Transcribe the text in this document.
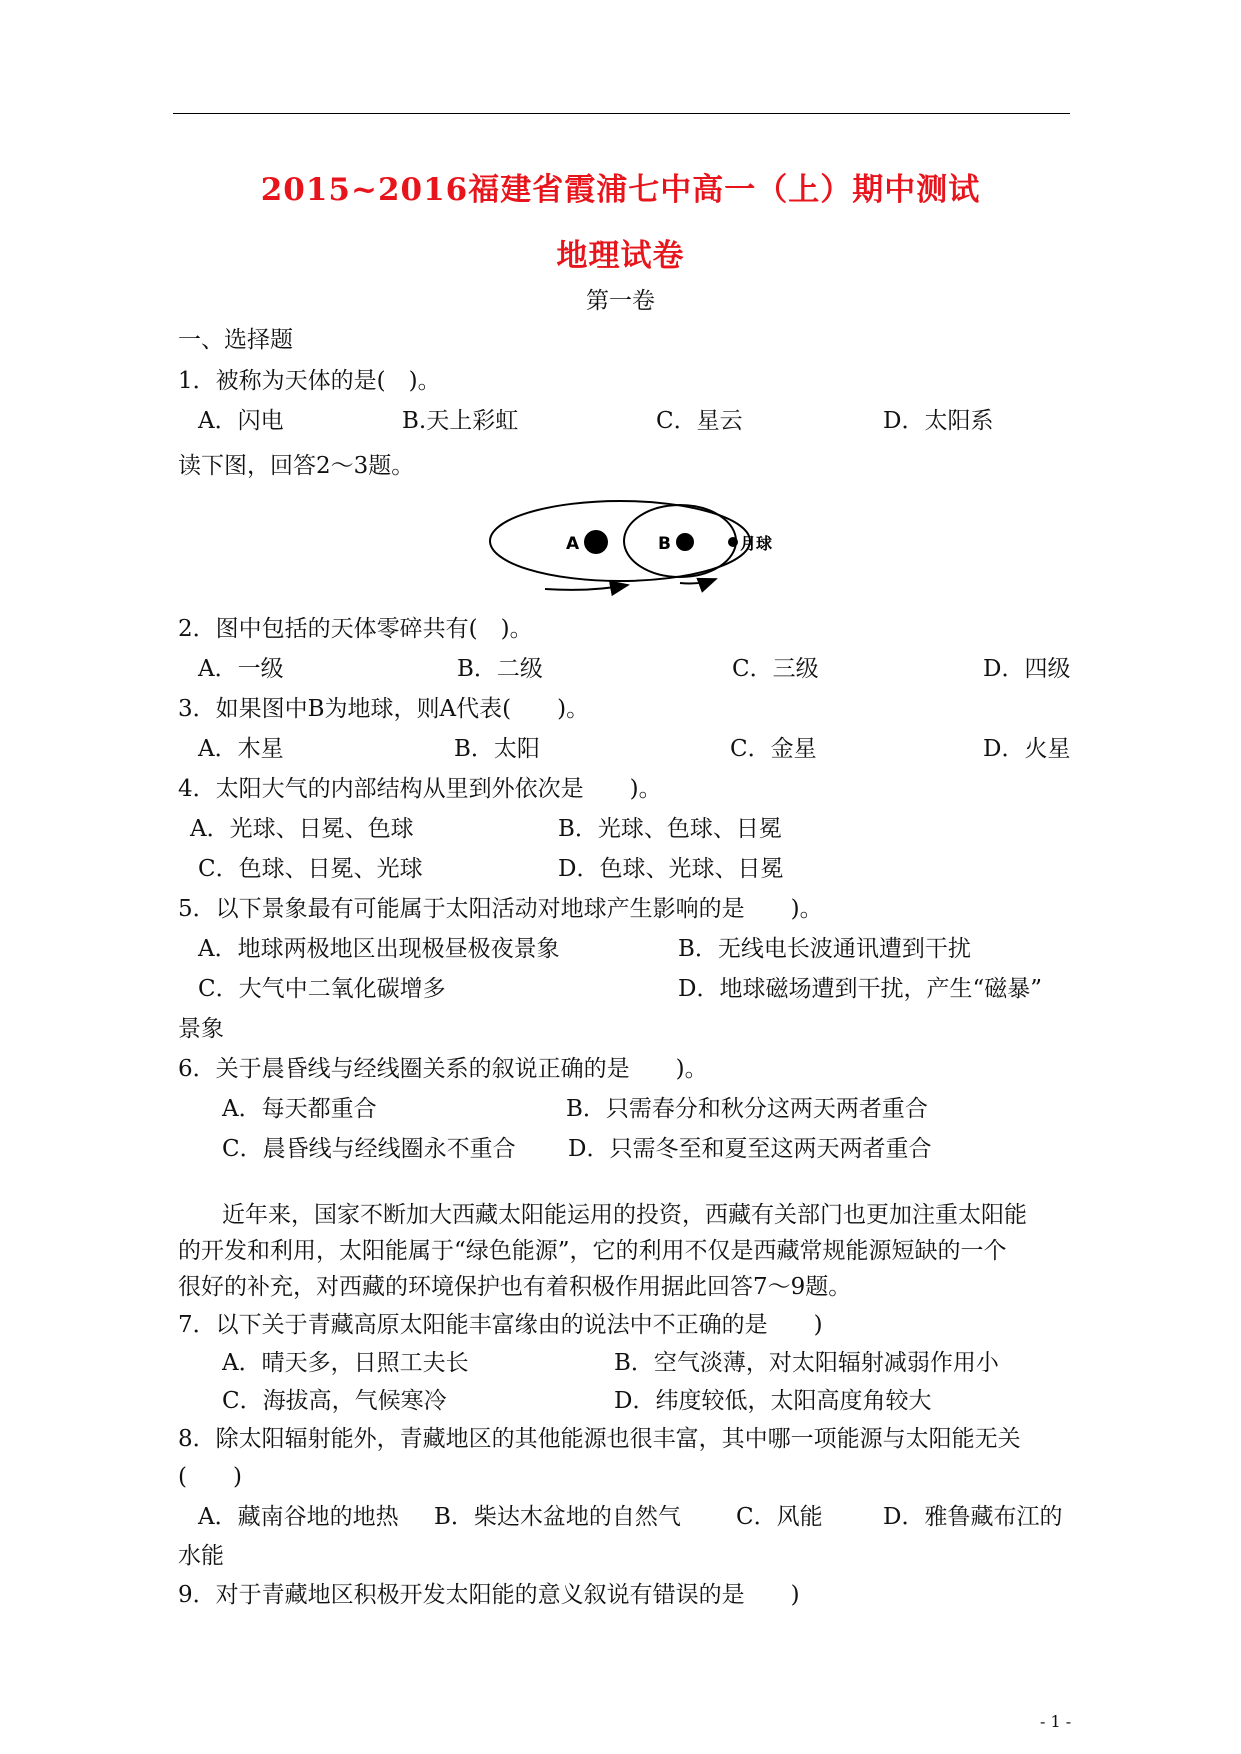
2015~2016福建省霞浦七中高一（上）期中测试
地理试卷
第一卷
一、选择题
1．被称为天体的是(　)。
A．闪电	B.天上彩虹	C．星云	D．太阳系
读下图，回答2～3题。
A	B	月球
2．图中包括的天体零碎共有(　)。
A．一级	B．二级	C．三级	D．四级
3．如果图中B为地球，则A代表(　　)。
A．木星	B．太阳	C．金星	D．火星
4．太阳大气的内部结构从里到外依次是　　)。
A．光球、日冕、色球	B．光球、色球、日冕
C．色球、日冕、光球	D．色球、光球、日冕
5．以下景象最有可能属于太阳活动对地球产生影响的是　　)。
A．地球两极地区出现极昼极夜景象	B．无线电长波通讯遭到干扰
C．大气中二氧化碳增多	D．地球磁场遭到干扰，产生“磁暴”
景象
6．关于晨昏线与经线圈关系的叙说正确的是　　)。
A．每天都重合	B．只需春分和秋分这两天两者重合
C．晨昏线与经线圈永不重合 D．只需冬至和夏至这两天两者重合
近年来，国家不断加大西藏太阳能运用的投资，西藏有关部门也更加注重太阳能
的开发和利用，太阳能属于“绿色能源”，它的利用不仅是西藏常规能源短缺的一个
很好的补充，对西藏的环境保护也有着积极作用据此回答7～9题。
7．以下关于青藏高原太阳能丰富缘由的说法中不正确的是　　)
A．晴天多，日照工夫长	B．空气淡薄，对太阳辐射减弱作用小
C．海拔高，气候寒冷	D．纬度较低，太阳高度角较大
8．除太阳辐射能外，青藏地区的其他能源也很丰富，其中哪一项能源与太阳能无关
(　　)
A．藏南谷地的地热 B．柴达木盆地的自然气 C．风能	D．雅鲁藏布江的
水能
9．对于青藏地区积极开发太阳能的意义叙说有错误的是　　)
- 1 -
